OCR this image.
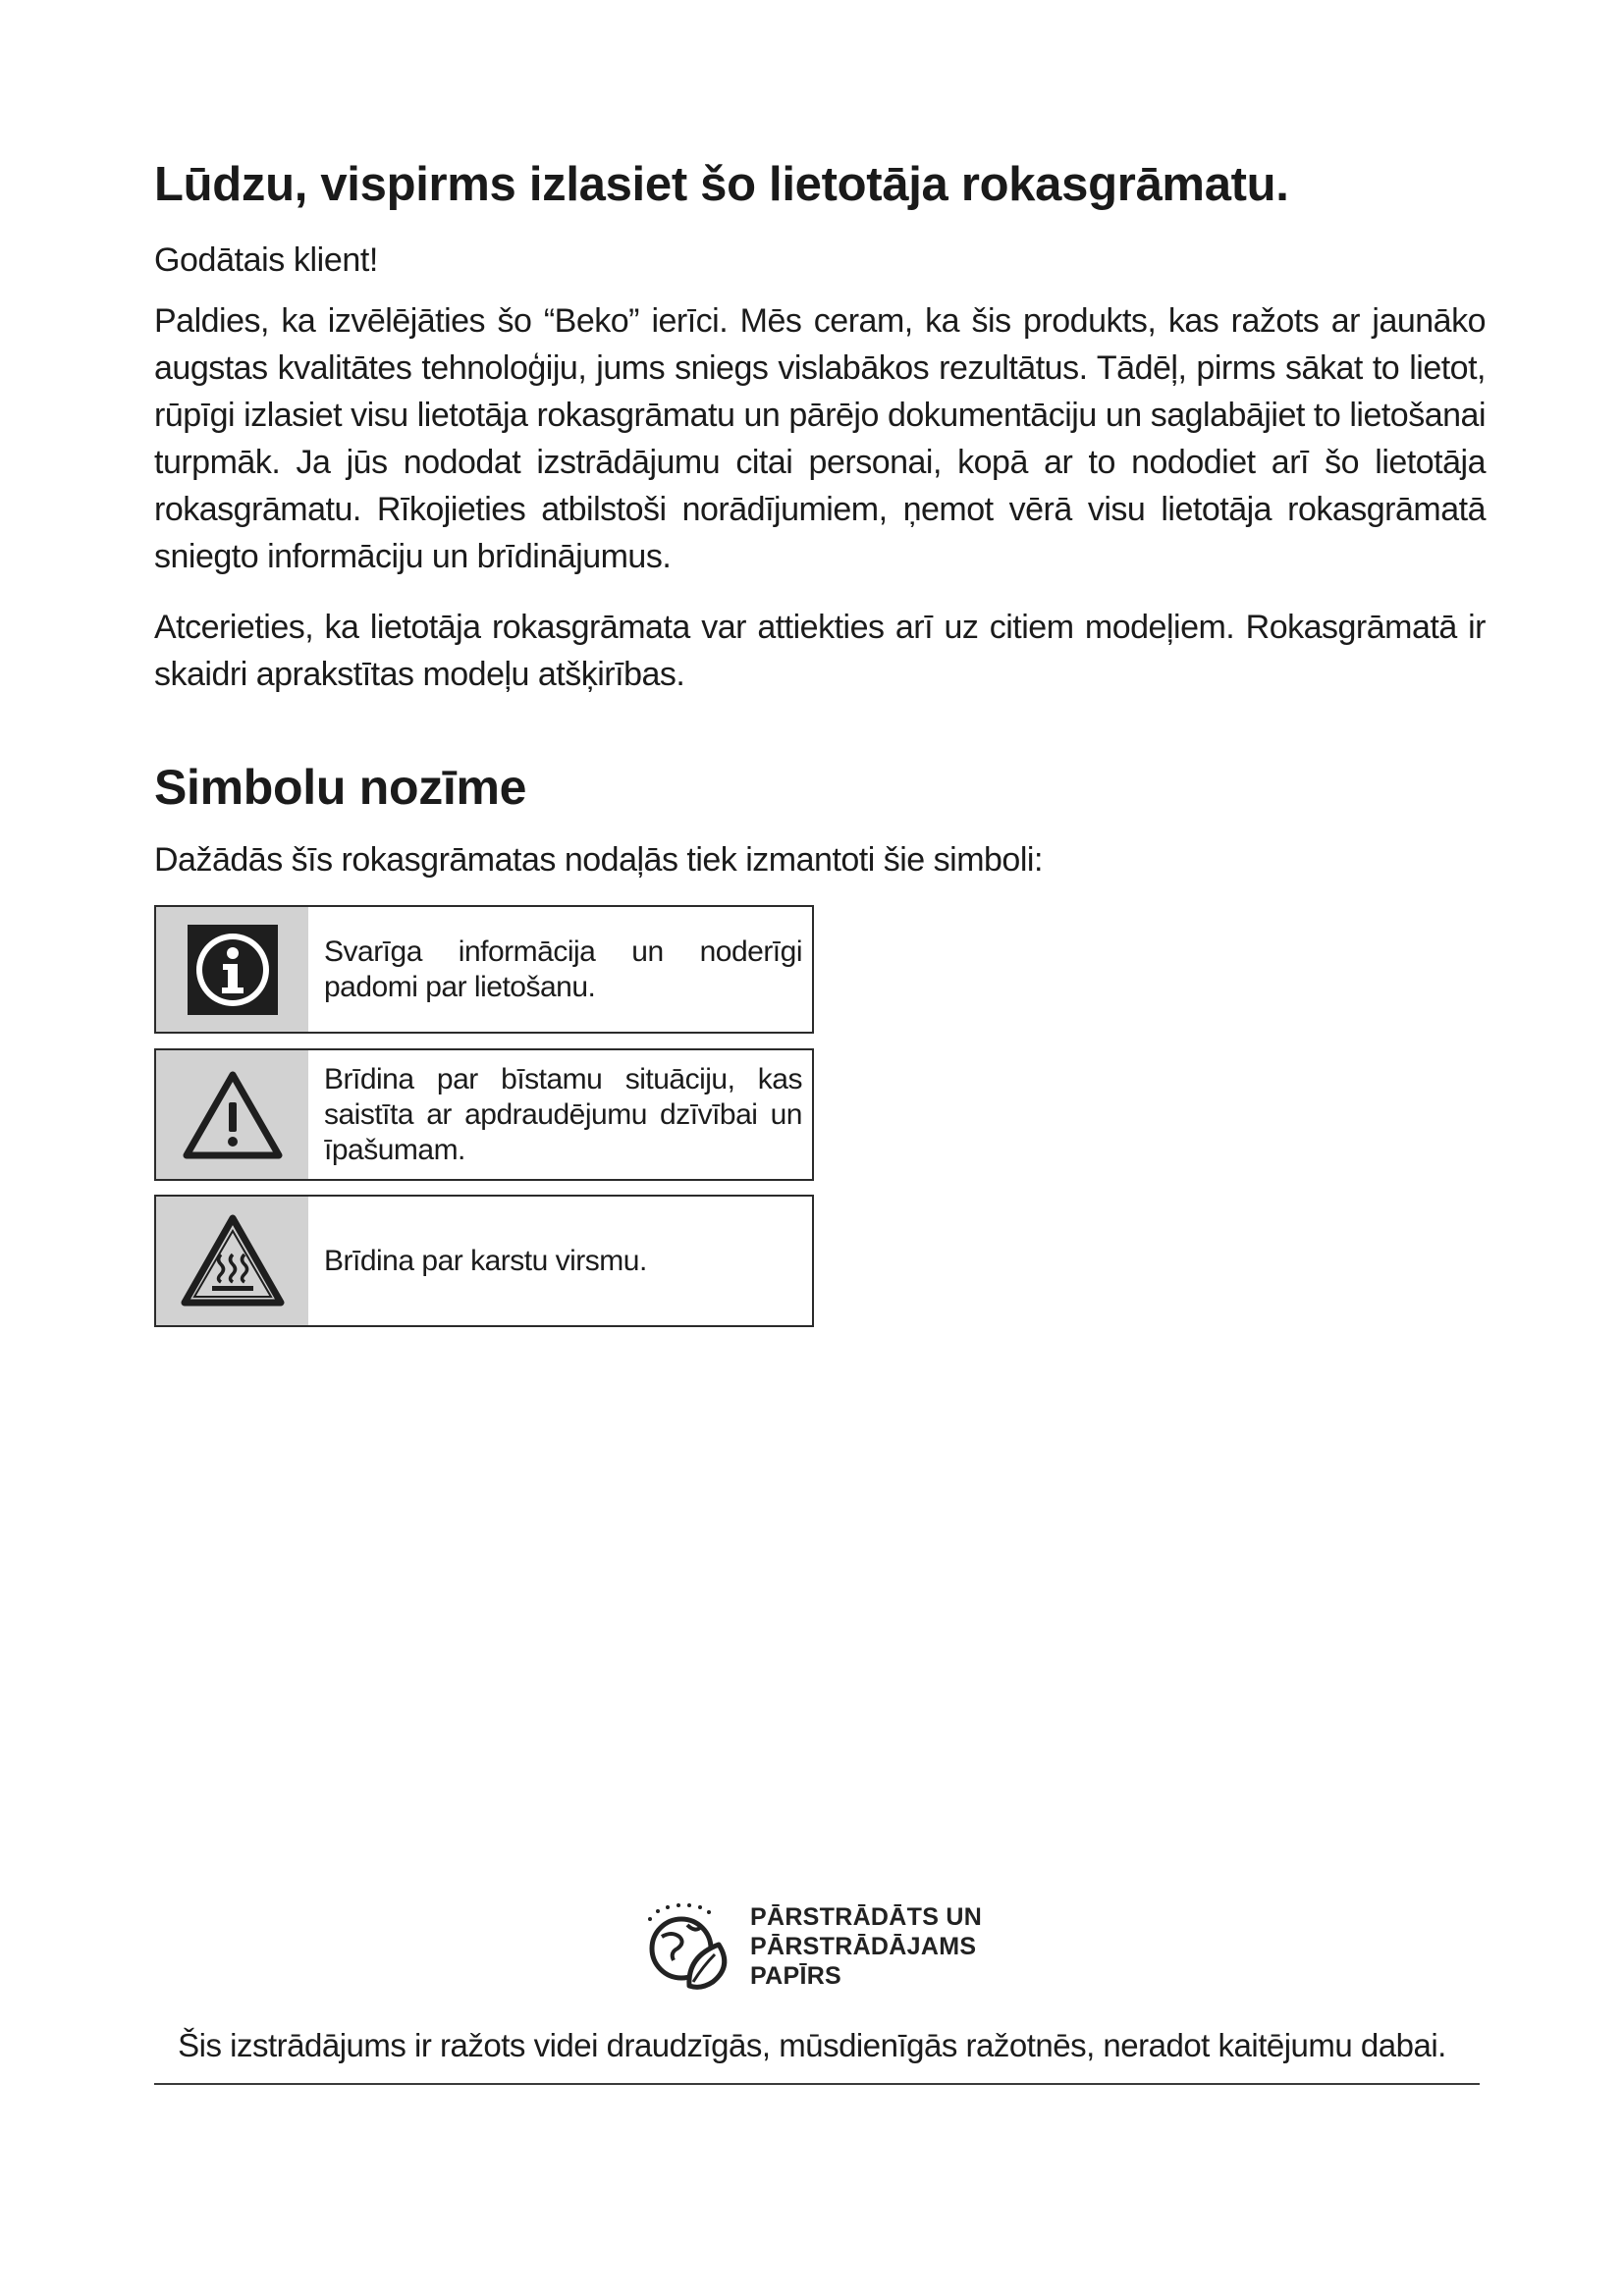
Lūdzu, vispirms izlasiet šo lietotāja rokasgrāmatu.

Godātais klient!

Paldies, ka izvēlējāties šo “Beko” ierīci. Mēs ceram, ka šis produkts, kas ražots ar jaunāko augstas kvalitātes tehnoloģiju, jums sniegs vislabākos rezultātus. Tādēļ, pirms sākat to lietot, rūpīgi izlasiet visu lietotāja rokasgrāmatu un pārējo dokumentāciju un saglabājiet to lietošanai turpmāk. Ja jūs nododat izstrādājumu citai personai, kopā ar to nododiet arī šo lietotāja rokasgrāmatu. Rīkojieties atbilstoši norādījumiem, ņemot vērā visu lietotāja rokasgrāmatā sniegto informāciju un brīdinājumus.

Atcerieties, ka lietotāja rokasgrāmata var attiekties arī uz citiem modeļiem. Rokasgrāmatā ir skaidri aprakstītas modeļu atšķirības.

Simbolu nozīme

Dažādās šīs rokasgrāmatas nodaļās tiek izmantoti šie simboli:

Svarīga informācija un noderīgi padomi par lietošanu.
Brīdina par bīstamu situāciju, kas saistīta ar apdraudējumu dzīvībai un īpašumam.
Brīdina par karstu virsmu.
PĀRSTRĀDĀTS UN
PĀRSTRĀDĀJAMS
PAPĪRS

Šis izstrādājums ir ražots videi draudzīgās, mūsdienīgās ražotnēs, neradot kaitējumu dabai.
